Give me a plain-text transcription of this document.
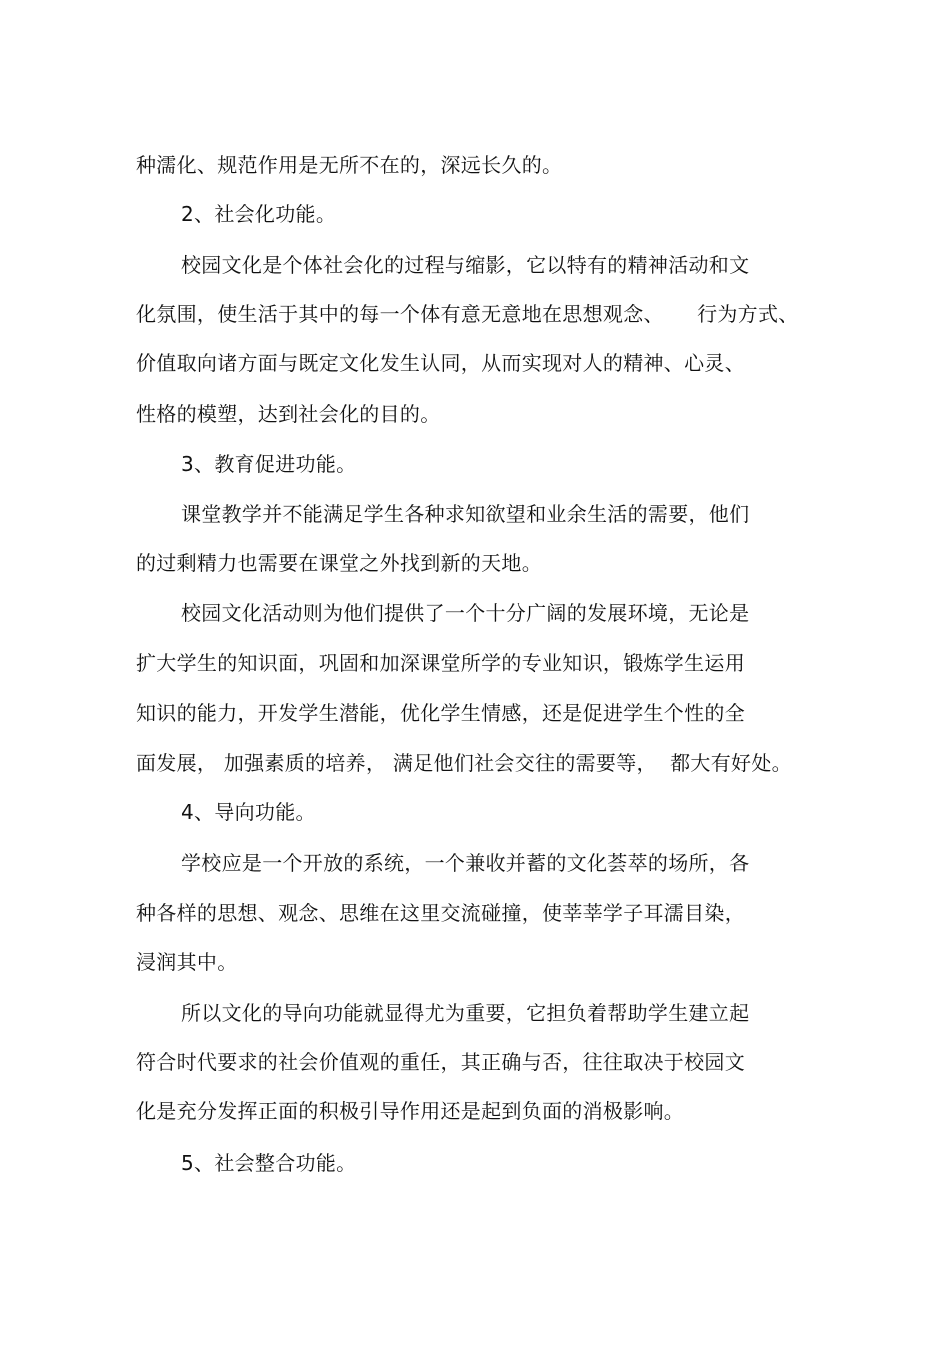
种濡化、规范作用是无所不在的，深远长久的。
2、社会化功能。
校园文化是个体社会化的过程与缩影，它以特有的精神活动和文
化氛围，使生活于其中的每一个体有意无意地在思想观念、     行为方式、
价值取向诸方面与既定文化发生认同，从而实现对人的精神、心灵、
性格的模塑，达到社会化的目的。
3、教育促进功能。
课堂教学并不能满足学生各种求知欲望和业余生活的需要，他们
的过剩精力也需要在课堂之外找到新的天地。
校园文化活动则为他们提供了一个十分广阔的发展环境，无论是
扩大学生的知识面，巩固和加深课堂所学的专业知识，锻炼学生运用
知识的能力，开发学生潜能，优化学生情感，还是促进学生个性的全
面发展， 加强素质的培养， 满足他们社会交往的需要等，  都大有好处。
4、导向功能。
学校应是一个开放的系统，一个兼收并蓄的文化荟萃的场所，各
种各样的思想、观念、思维在这里交流碰撞，使莘莘学子耳濡目染，
浸润其中。
所以文化的导向功能就显得尤为重要，它担负着帮助学生建立起
符合时代要求的社会价值观的重任，其正确与否，往往取决于校园文
化是充分发挥正面的积极引导作用还是起到负面的消极影响。
5、社会整合功能。
